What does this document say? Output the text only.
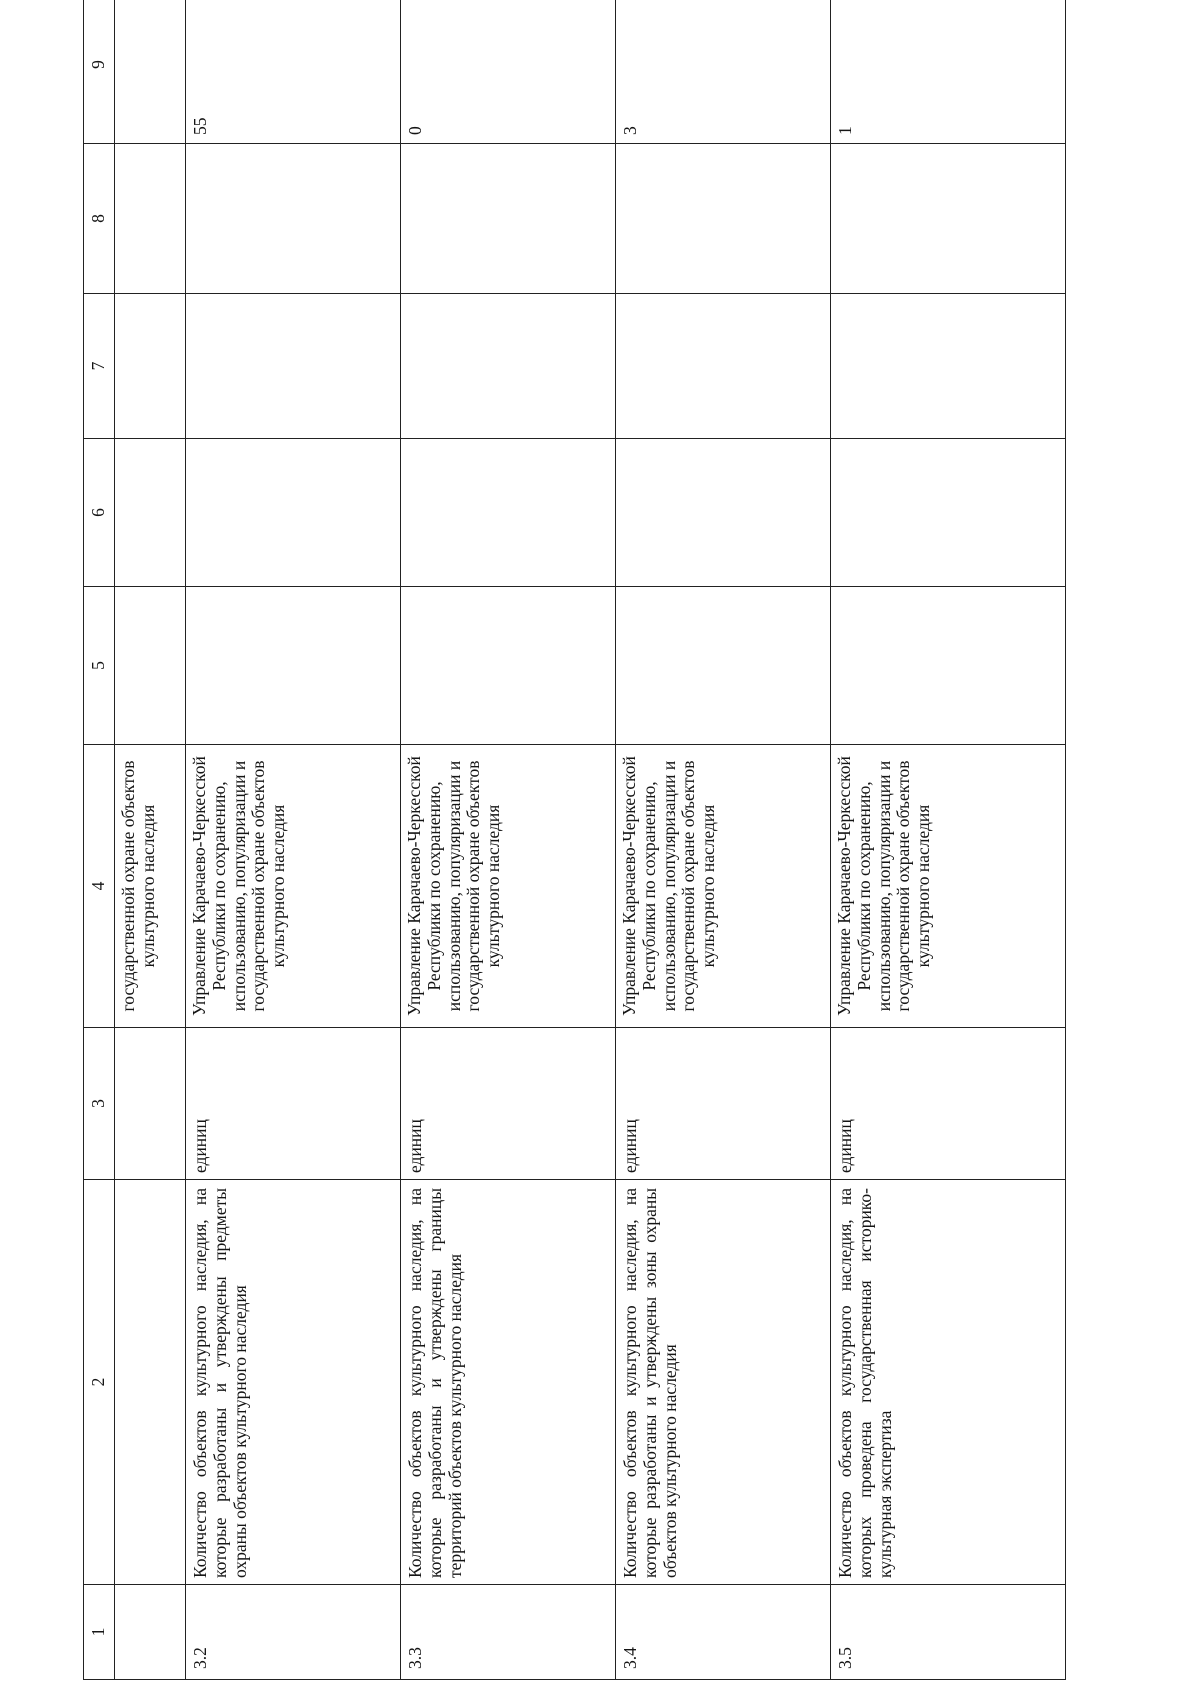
1	2	3	4	5	6	7	8	9		
			государственной охране объектов культурного наследия							
3.2	Количество объектов культурного наследия, на которые разработаны и утверждены предметы охраны объектов культурного наследия	единиц	Управление Карачаево-Черкесской Республики по сохранению, использованию, популяризации и государственной охране объектов культурного наследия					55		
3.3	Количество объектов культурного наследия, на которые разработаны и утверждены границы территорий объектов культурного наследия	единиц	Управление Карачаево-Черкесской Республики по сохранению, использованию, популяризации и государственной охране объектов культурного наследия					0		
3.4	Количество объектов культурного наследия, на которые разработаны и утверждены зоны охраны объектов культурного наследия	единиц	Управление Карачаево-Черкесской Республики по сохранению, использованию, популяризации и государственной охране объектов культурного наследия					3		
3.5	Количество объектов культурного наследия, на которых проведена государственная историко-культурная экспертиза	единиц	Управление Карачаево-Черкесской Республики по сохранению, использованию, популяризации и государственной охране объектов культурного наследия					1		
